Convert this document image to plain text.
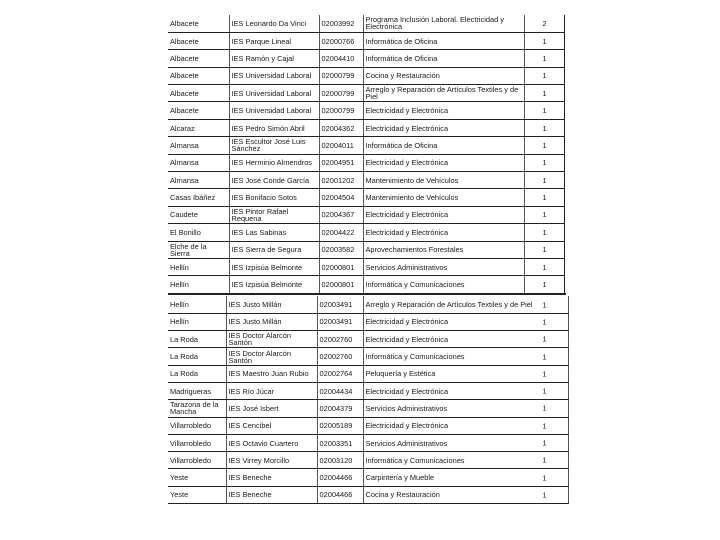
Albacete	IES Leonardo Da Vinci	02003992	Programa Inclusión Laboral. Electricidad y Electrónica	2
Albacete	IES Parque Lineal	02000766	Informática de Oficina	1
Albacete	IES Ramón y Cajal	02004410	Informática de Oficina	1
Albacete	IES Universidad Laboral	02000799	Cocina y Restauración	1
Albacete	IES Universidad Laboral	02000799	Arreglo y Reparación de Artículos Textiles y de Piel	1
Albacete	IES Universidad Laboral	02000799	Electricidad y Electrónica	1
Alcaraz	IES Pedro Simón Abril	02004362	Electricidad y Electrónica	1
Almansa	IES Escultor José Luis Sánchez	02004011	Informática de Oficina	1
Almansa	IES Herminio Almendros	02004951	Electricidad y Electrónica	1
Almansa	IES José Conde García	02001202	Mantenimiento de Vehículos	1
Casas Ibáñez	IES Bonifacio Sotos	02004504	Mantenimiento de Vehículos	1
Caudete	IES Pintor Rafael Requena	02004367	Electricidad y Electrónica	1
El Bonillo	IES Las Sabinas	02004422	Electricidad y Electrónica	1
Elche de la Sierra	IES Sierra de Segura	02003582	Aprovechamientos Forestales	1
Hellín	IES Izpisúa Belmonte	02000801	Servicios Administrativos	1
Hellín	IES Izpisúa Belmonte	02000801	Informática y Comunicaciones	1
Hellín	IES Justo Millán	02003491	Arreglo y Reparación de Artículos Textiles y de Piel	1

Hellín	IES Justo Millán	02003491	Electricidad y Electrónica	1

La Roda	IES Doctor Alarcón Santón	02002760	Electricidad y Electrónica	1

La Roda	IES Doctor Alarcón Santón	02002760	Informática y Comunicaciones	1

La Roda	IES Maestro Juan Rubio	02002764	Peluquería y Estética	1

Madrigueras	IES Río Júcar	02004434	Electricidad y Electrónica	1

Tarazona de la Mancha	IES José Isbert	02004379	Servicios Administrativos	1

Villarrobledo	IES Cencibel	02005189	Electricidad y Electrónica	1

Villarrobledo	IES Octavio Cuartero	02003351	Servicios Administrativos	1

Villarrobledo	IES Virrey Morcillo	02003120	Informática y Comunicaciones	1

Yeste	IES Beneche	02004466	Carpintería y Mueble	1

Yeste	IES Beneche	02004466	Cocina y Restauración	1
